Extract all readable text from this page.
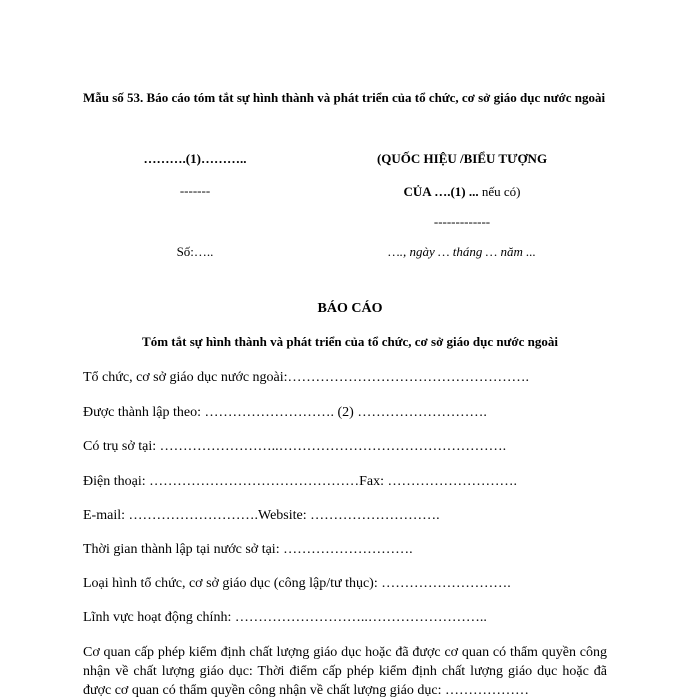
Mẫu số 53. Báo cáo tóm tắt sự hình thành và phát triển của tổ chức, cơ sở giáo dục nước ngoài
……….(1)………..
-------
Số:…..
(QUỐC HIỆU /BIỂU TƯỢNG
CỦA ….(1) ... nếu có)
-------------
…., ngày … tháng … năm ...
BÁO CÁO
Tóm tắt sự hình thành và phát triển của tổ chức, cơ sở giáo dục nước ngoài
Tổ chức, cơ sở giáo dục nước ngoài:…………………………………………….
Được thành lập theo: ………………………. (2) ……………………….
Có trụ sở tại: ……………………..………………………………………….
Điện thoại: ………………………………………Fax: ……………………….
E-mail: ……………………….Website: ……………………….
Thời gian thành lập tại nước sở tại: ……………………….
Loại hình tổ chức, cơ sở giáo dục (công lập/tư thục): ……………………….
Lĩnh vực hoạt động chính: ………………………..……………………..
Cơ quan cấp phép kiểm định chất lượng giáo dục hoặc đã được cơ quan có thẩm quyền công nhận về chất lượng giáo dục: Thời điểm cấp phép kiểm định chất lượng giáo dục hoặc đã được cơ quan có thẩm quyền công nhận về chất lượng giáo dục: ………………
